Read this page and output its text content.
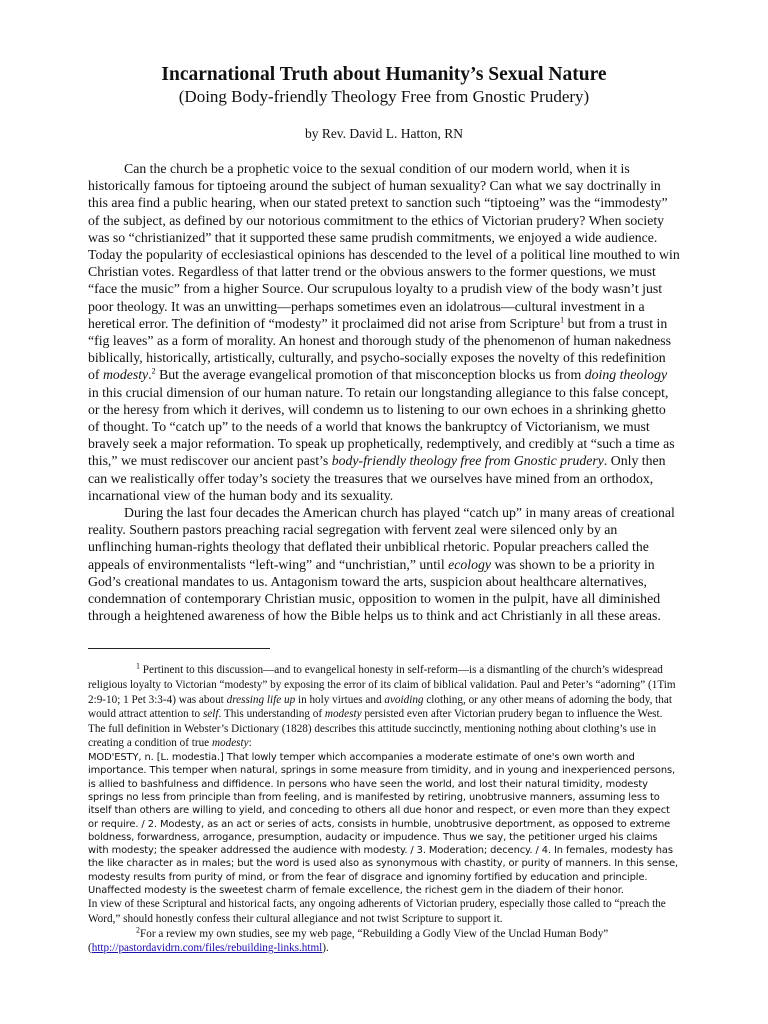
Incarnational Truth about Humanity’s Sexual Nature
(Doing Body-friendly Theology Free from Gnostic Prudery)
by Rev. David L. Hatton, RN

Can the church be a prophetic voice to the sexual condition of our modern world, when it is historically famous for tiptoeing around the subject of human sexuality? Can what we say doctrinally in this area find a public hearing, when our stated pretext to sanction such “tiptoeing” was the “immodesty” of the subject, as defined by our notorious commitment to the ethics of Victorian prudery? When society was so “christianized” that it supported these same prudish commitments, we enjoyed a wide audience. Today the popularity of ecclesiastical opinions has descended to the level of a political line mouthed to win Christian votes. Regardless of that latter trend or the obvious answers to the former questions, we must “face the music” from a higher Source. Our scrupulous loyalty to a prudish view of the body wasn’t just poor theology. It was an unwitting—perhaps sometimes even an idolatrous—cultural investment in a heretical error. The definition of “modesty” it proclaimed did not arise from Scripture$^1$ but from a trust in “fig leaves” as a form of morality. An honest and thorough study of the phenomenon of human nakedness biblically, historically, artistically, culturally, and psycho-socially exposes the novelty of this redefinition of modesty.$^2$ But the average evangelical promotion of that misconception blocks us from doing theology in this crucial dimension of our human nature. To retain our longstanding allegiance to this false concept, or the heresy from which it derives, will condemn us to listening to our own echoes in a shrinking ghetto of thought. To “catch up” to the needs of a world that knows the bankruptcy of Victorianism, we must bravely seek a major reformation. To speak up prophetically, redemptively, and credibly at “such a time as this,” we must rediscover our ancient past’s body-friendly theology free from Gnostic prudery. Only then can we realistically offer today’s society the treasures that we ourselves have mined from an orthodox, incarnational view of the human body and its sexuality.

During the last four decades the American church has played “catch up” in many areas of creational reality. Southern pastors preaching racial segregation with fervent zeal were silenced only by an unflinching human-rights theology that deflated their unbiblical rhetoric. Popular preachers called the appeals of environmentalists “left-wing” and “unchristian,” until ecology was shown to be a priority in God’s creational mandates to us. Antagonism toward the arts, suspicion about healthcare alternatives, condemnation of contemporary Christian music, opposition to women in the pulpit, have all diminished through a heightened awareness of how the Bible helps us to think and act Christianly in all these areas.

$^1$ Pertinent to this discussion—and to evangelical honesty in self-reform—is a dismantling of the church’s widespread religious loyalty to Victorian “modesty” by exposing the error of its claim of biblical validation. Paul and Peter’s “adorning” (1Tim 2:9-10; 1 Pet 3:3-4) was about dressing life up in holy virtues and avoiding clothing, or any other means of adorning the body, that would attract attention to self. This understanding of modesty persisted even after Victorian prudery began to influence the West. The full definition in Webster’s Dictionary (1828) describes this attitude succinctly, mentioning nothing about clothing’s use in creating a condition of true modesty:

MOD'ESTY, n. [L. modestia.] That lowly temper which accompanies a moderate estimate of one's own worth and importance. This temper when natural, springs in some measure from timidity, and in young and inexperienced persons, is allied to bashfulness and diffidence. In persons who have seen the world, and lost their natural timidity, modesty springs no less from principle than from feeling, and is manifested by retiring, unobtrusive manners, assuming less to itself than others are willing to yield, and conceding to others all due honor and respect, or even more than they expect or require. / 2. Modesty, as an act or series of acts, consists in humble, unobtrusive deportment, as opposed to extreme boldness, forwardness, arrogance, presumption, audacity or impudence. Thus we say, the petitioner urged his claims with modesty; the speaker addressed the audience with modesty. / 3. Moderation; decency. / 4. In females, modesty has the like character as in males; but the word is used also as synonymous with chastity, or purity of manners. In this sense, modesty results from purity of mind, or from the fear of disgrace and ignominy fortified by education and principle. Unaffected modesty is the sweetest charm of female excellence, the richest gem in the diadem of their honor.

In view of these Scriptural and historical facts, any ongoing adherents of Victorian prudery, especially those called to “preach the Word,” should honestly confess their cultural allegiance and not twist Scripture to support it.

$^2$For a review my own studies, see my web page, “Rebuilding a Godly View of the Unclad Human Body” (http://pastordavidrn.com/files/rebuilding-links.html).
